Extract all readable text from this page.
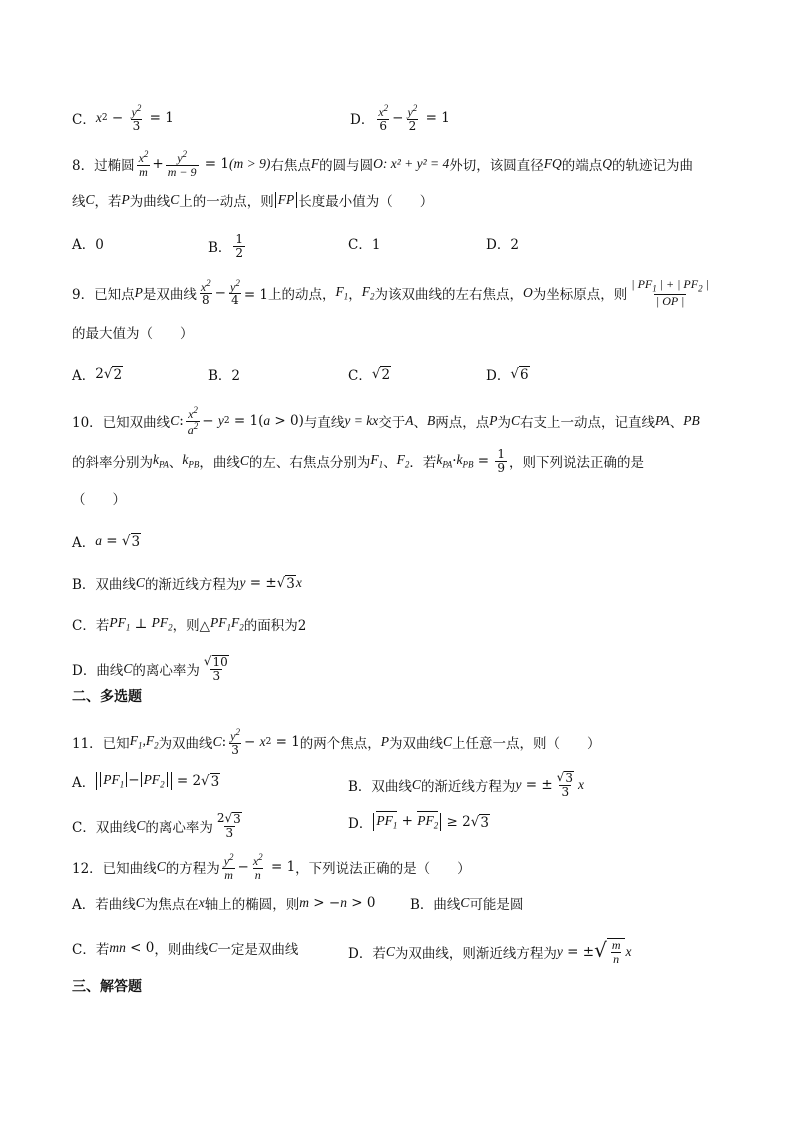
C． x $2 - \frac{y^2}{3} = 1$	D． $\frac{x^2}{6} - \frac{y^2}{2} = 1$
8．过椭圆 $\frac{x^2}{m} + \frac{y^2}{m - 9} = 1$ (m > 9) 右焦点 F 的圆与圆 O: x² + y² = 4 外切，该圆直径 FQ 的端点 Q 的轨迹记为曲
线 C ，若 P 为曲线 C 上的一动点，则 FP 长度最小值为（　　）
A．0	B． $\frac{1}{2}$	C．1	D．2
9．已知点 P 是双曲线 $\frac{x^2}{8} - \frac{y^2}{4} = 1$上的动点， $F_1$ ， $F_2$ 为该双曲线的左右焦点， O 为坐标原点，则 $\frac{| PF_1 | + | PF_2 |}{| OP |}$
的最大值为（　　）
A． 2 √ 2	B．2	C． √ 2	D． √ 6
10．已知双曲线 C : $\frac{x^2}{a^2} - y$ 2 = 1( a > 0) 与直线 y = kx 交于 A 、 B 两点，点 P 为 C 右支上一动点，记直线 PA 、 PB
的斜率分别为 $k_{PA}$ 、 $k_{PB}$ ，曲线 C 的左、右焦点分别为 $F_1$ 、 $F_2$ ．若 $k_{PA} \cdot k_{PB} = \frac{1}{9}$ ，则下列说法正确的是
（　　）
A． a = √ 3
B．双曲线 C 的渐近线方程为 y = ± √ 3 x
C．若 $PF_1$ ⊥ $PF_2$ ，则△ $PF_1F_2$ 的面积为2
D．曲线 C 的离心率为 $\frac{√ 10}{3}$
二、多选题
11．已知 $F_1,F_2$ 为双曲线 C : $\frac{y^2}{3} - x$ 2 = 1 的两个焦点， P 为双曲线 C 上任意一点，则（　　）
A． $PF_1 - PF_2 = 2$ √ 3	B．双曲线 C 的渐近线方程为 y = ± $\frac{√ 3}{3}$ x
C．双曲线 C 的离心率为 $\frac{2 √ 3}{3}$	D． $PF_1 + PF_2 \ge 2$ √ 3
12．已知曲线 C 的方程为 $\frac{y^2}{m} - \frac{x^2}{n} = 1$ ，下列说法正确的是（　　）
A．若曲线 C 为焦点在 x 轴上的椭圆，则 m > − n > 0	B．曲线 C 可能是圆
C．若 mn < 0 ，则曲线 C 一定是双曲线	D．若 C 为双曲线，则渐近线方程为 y = ± √ $\frac{m}{n}$ x
三、解答题
